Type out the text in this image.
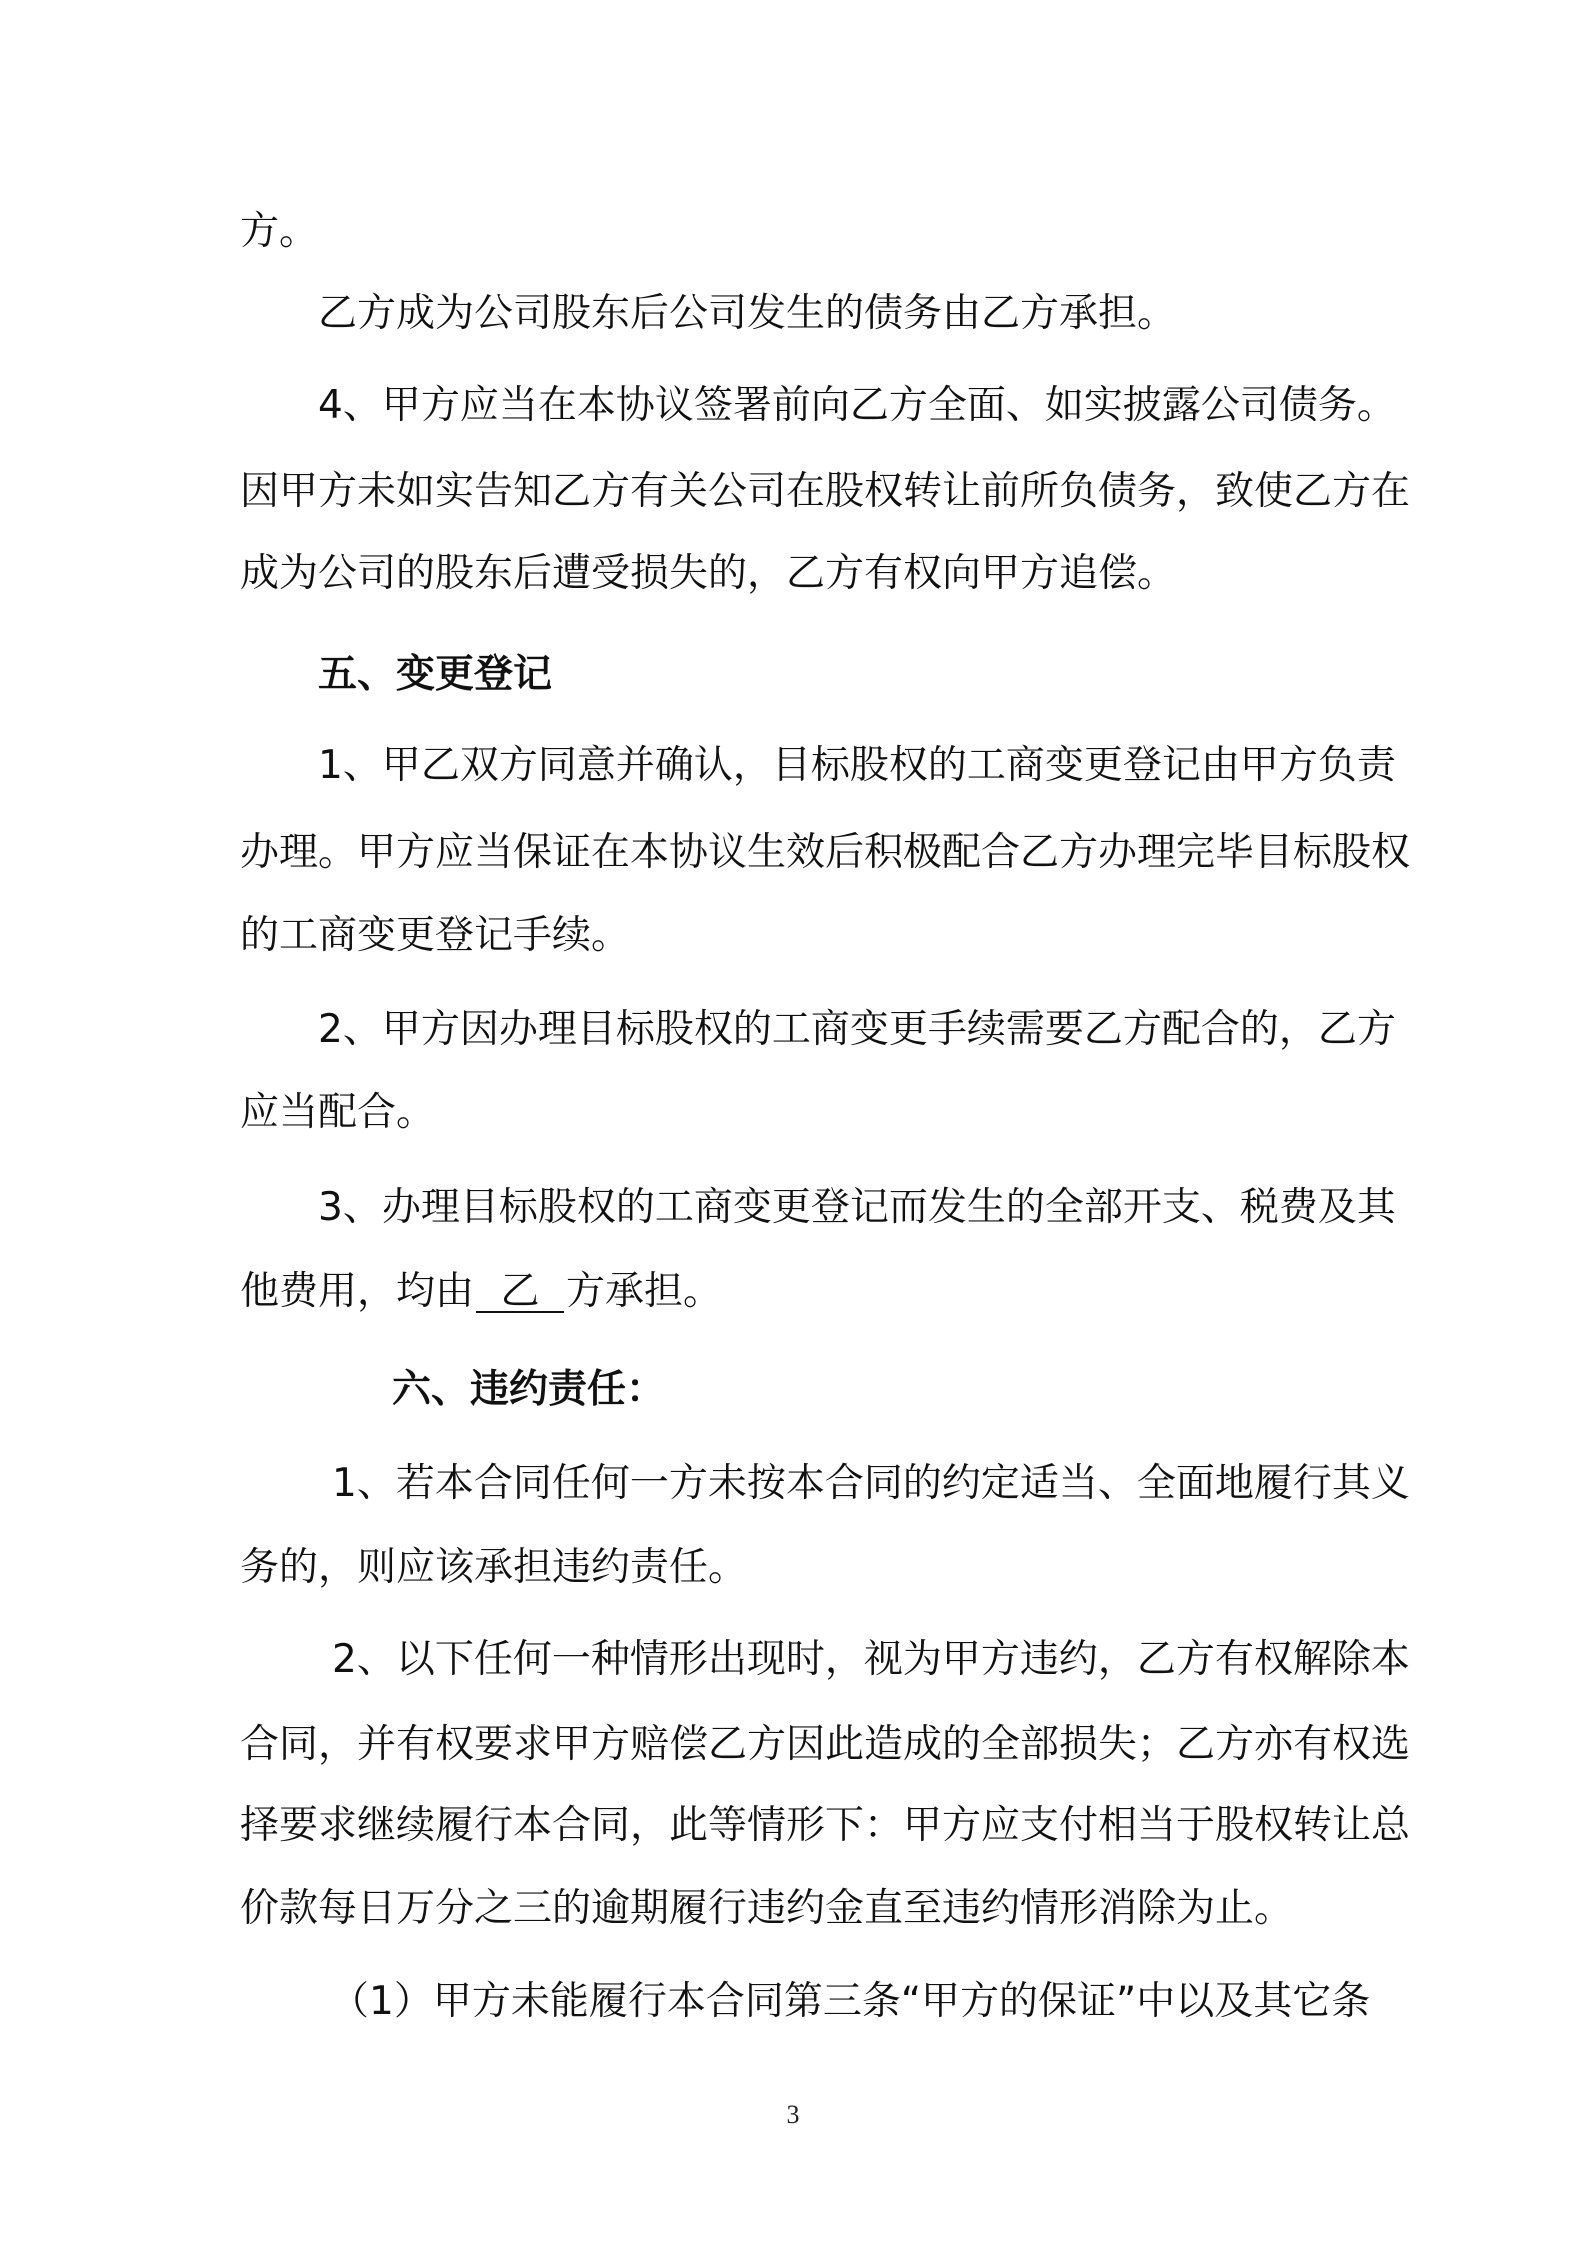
方。
乙方成为公司股东后公司发生的债务由乙方承担。
4、甲方应当在本协议签署前向乙方全面、如实披露公司债务。
因甲方未如实告知乙方有关公司在股权转让前所负债务，致使乙方在
成为公司的股东后遭受损失的，乙方有权向甲方追偿。
五、变更登记
1、甲乙双方同意并确认，目标股权的工商变更登记由甲方负责
办理。甲方应当保证在本协议生效后积极配合乙方办理完毕目标股权
的工商变更登记手续。
2、甲方因办理目标股权的工商变更手续需要乙方配合的，乙方
应当配合。
3、办理目标股权的工商变更登记而发生的全部开支、税费及其
他费用，均由 乙 方承担。
六、违约责任：
1、若本合同任何一方未按本合同的约定适当、全面地履行其义
务的，则应该承担违约责任。
2、以下任何一种情形出现时，视为甲方违约，乙方有权解除本
合同，并有权要求甲方赔偿乙方因此造成的全部损失；乙方亦有权选
择要求继续履行本合同，此等情形下：甲方应支付相当于股权转让总
价款每日万分之三的逾期履行违约金直至违约情形消除为止。
（1）甲方未能履行本合同第三条“甲方的保证”中以及其它条
3
